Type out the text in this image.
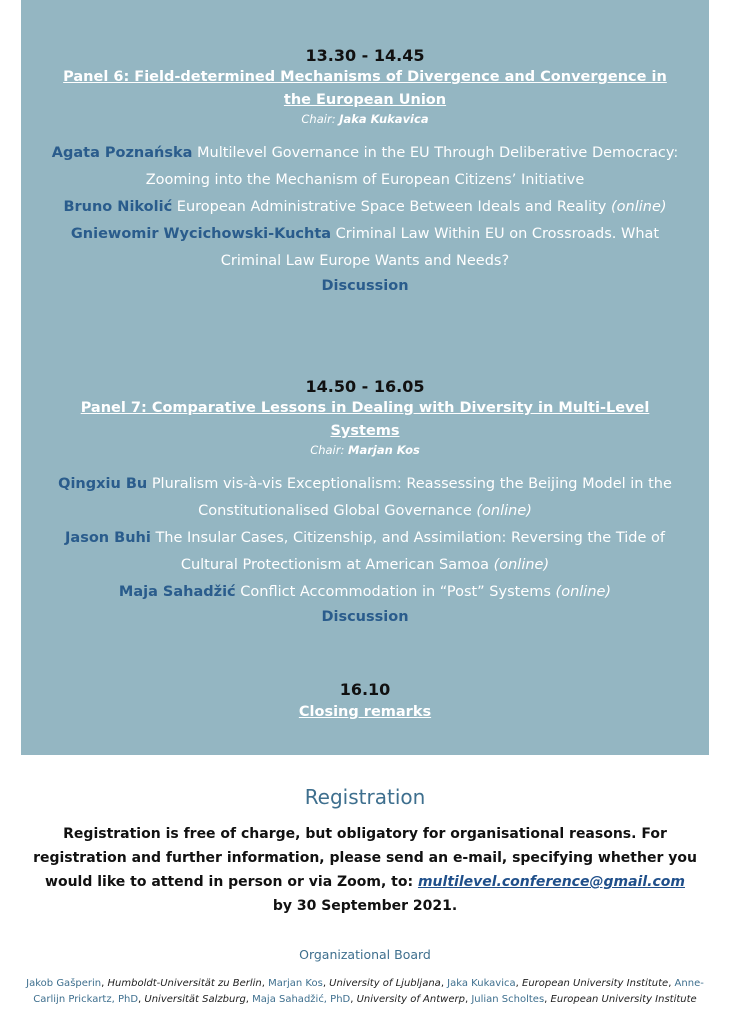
13.30 - 14.45
Panel 6: Field-determined Mechanisms of Divergence and Convergence in the European Union
Chair: Jaka Kukavica
Agata Poznańska Multilevel Governance in the EU Through Deliberative Democracy: Zooming into the Mechanism of European Citizens’ Initiative
Bruno Nikolić European Administrative Space Between Ideals and Reality (online)
Gniewomir Wycichowski-Kuchta Criminal Law Within EU on Crossroads. What Criminal Law Europe Wants and Needs?
Discussion
14.50 - 16.05
Panel 7: Comparative Lessons in Dealing with Diversity in Multi-Level Systems
Chair: Marjan Kos
Qingxiu Bu Pluralism vis-à-vis Exceptionalism: Reassessing the Beijing Model in the Constitutionalised Global Governance (online)
Jason Buhi The Insular Cases, Citizenship, and Assimilation: Reversing the Tide of Cultural Protectionism at American Samoa (online)
Maja Sahadžić Conflict Accommodation in “Post” Systems (online)
Discussion
16.10
Closing remarks
Registration
Registration is free of charge, but obligatory for organisational reasons. For registration and further information, please send an e-mail, specifying whether you would like to attend in person or via Zoom, to: multilevel.conference@gmail.com
by 30 September 2021.
Organizational Board
Jakob Gašperin, Humboldt-Universität zu Berlin, Marjan Kos, University of Ljubljana, Jaka Kukavica, European University Institute, Anne-Carlijn Prickartz, PhD, Universität Salzburg, Maja Sahadžić, PhD, University of Antwerp, Julian Scholtes, European University Institute
